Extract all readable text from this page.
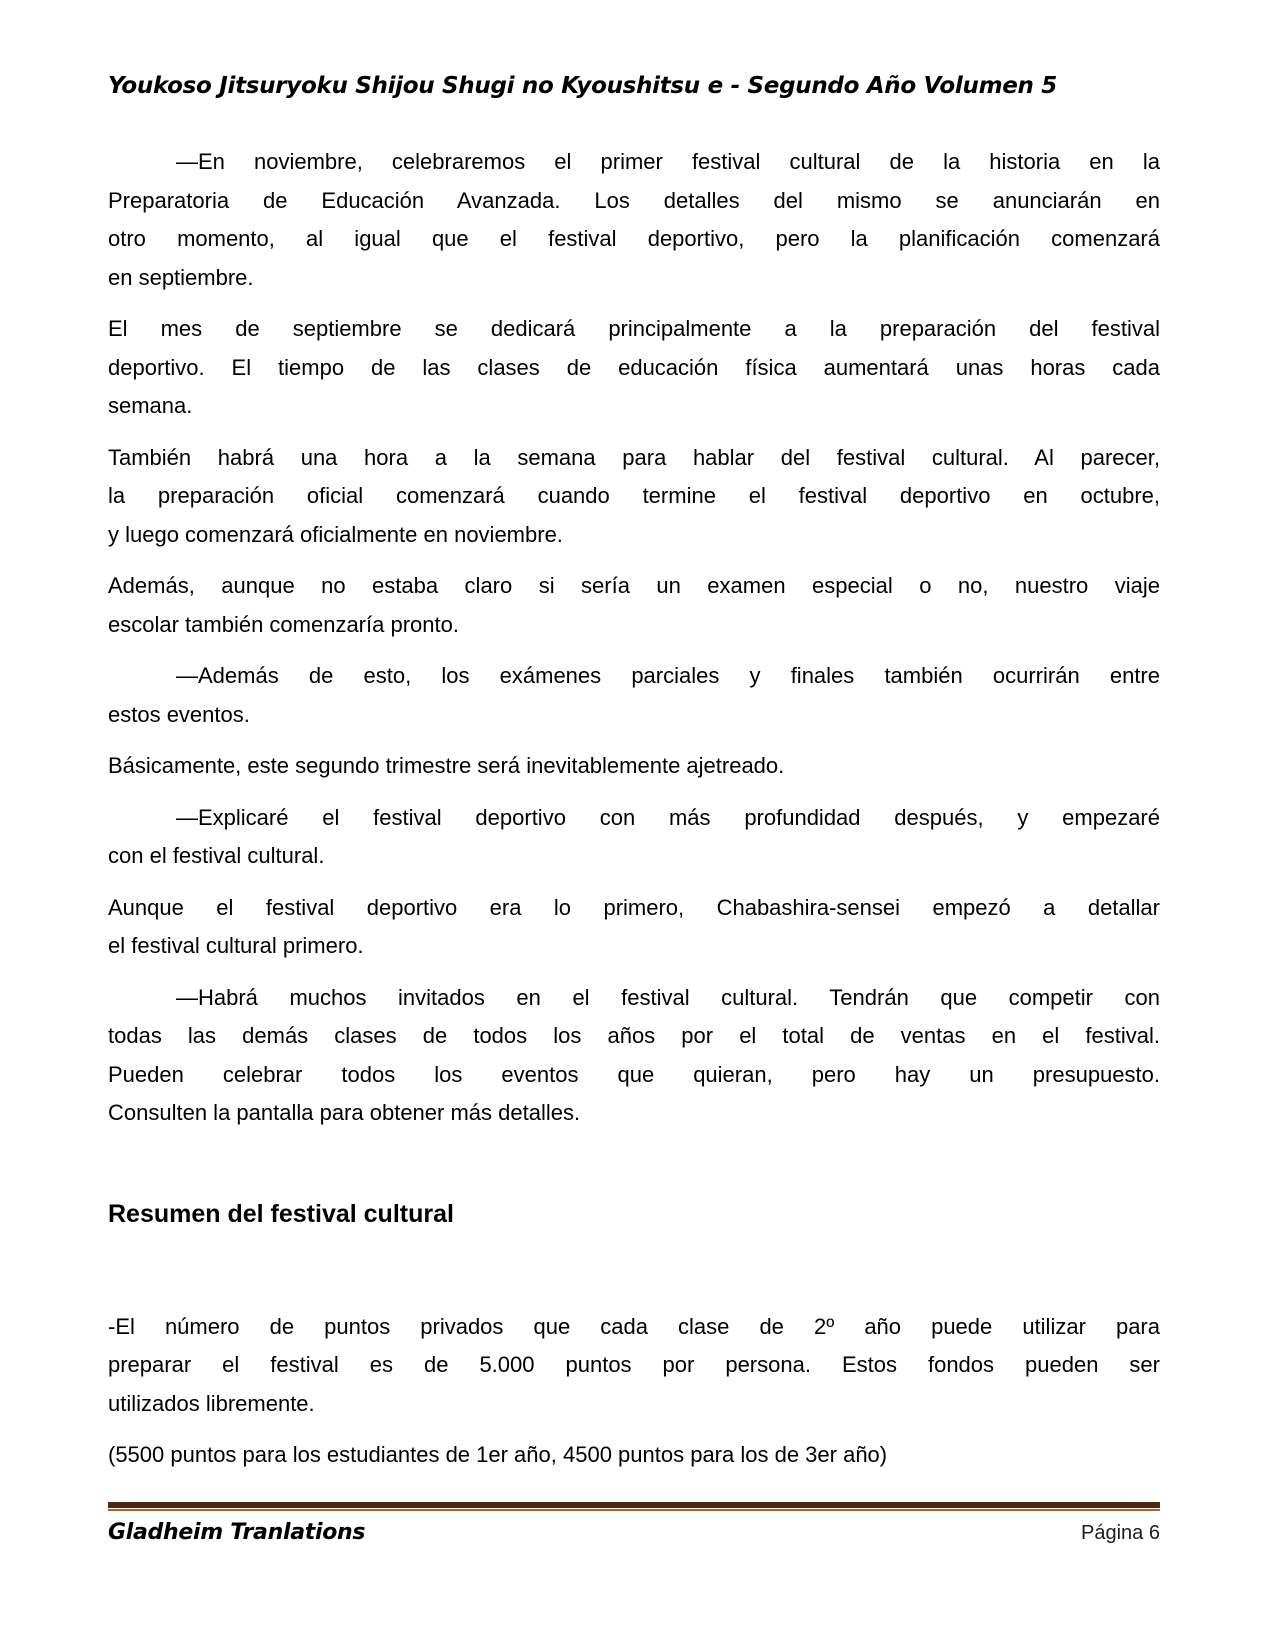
Youkoso Jitsuryoku Shijou Shugi no Kyoushitsu e - Segundo Año Volumen 5

—En noviembre, celebraremos el primer festival cultural de la historia en la
Preparatoria de Educación Avanzada. Los detalles del mismo se anunciarán en
otro momento, al igual que el festival deportivo, pero la planificación comenzará
en septiembre.

El mes de septiembre se dedicará principalmente a la preparación del festival
deportivo. El tiempo de las clases de educación física aumentará unas horas cada
semana.

También habrá una hora a la semana para hablar del festival cultural. Al parecer,
la preparación oficial comenzará cuando termine el festival deportivo en octubre,
y luego comenzará oficialmente en noviembre.

Además, aunque no estaba claro si sería un examen especial o no, nuestro viaje
escolar también comenzaría pronto.

—Además de esto, los exámenes parciales y finales también ocurrirán entre
estos eventos.

Básicamente, este segundo trimestre será inevitablemente ajetreado.

—Explicaré el festival deportivo con más profundidad después, y empezaré
con el festival cultural.

Aunque el festival deportivo era lo primero, Chabashira-sensei empezó a detallar
el festival cultural primero.

—Habrá muchos invitados en el festival cultural. Tendrán que competir con
todas las demás clases de todos los años por el total de ventas en el festival.
Pueden celebrar todos los eventos que quieran, pero hay un presupuesto.
Consulten la pantalla para obtener más detalles.

Resumen del festival cultural

-El número de puntos privados que cada clase de 2º año puede utilizar para
preparar el festival es de 5.000 puntos por persona. Estos fondos pueden ser
utilizados libremente.

(5500 puntos para los estudiantes de 1er año, 4500 puntos para los de 3er año)

Gladheim Tranlations	Página 6
